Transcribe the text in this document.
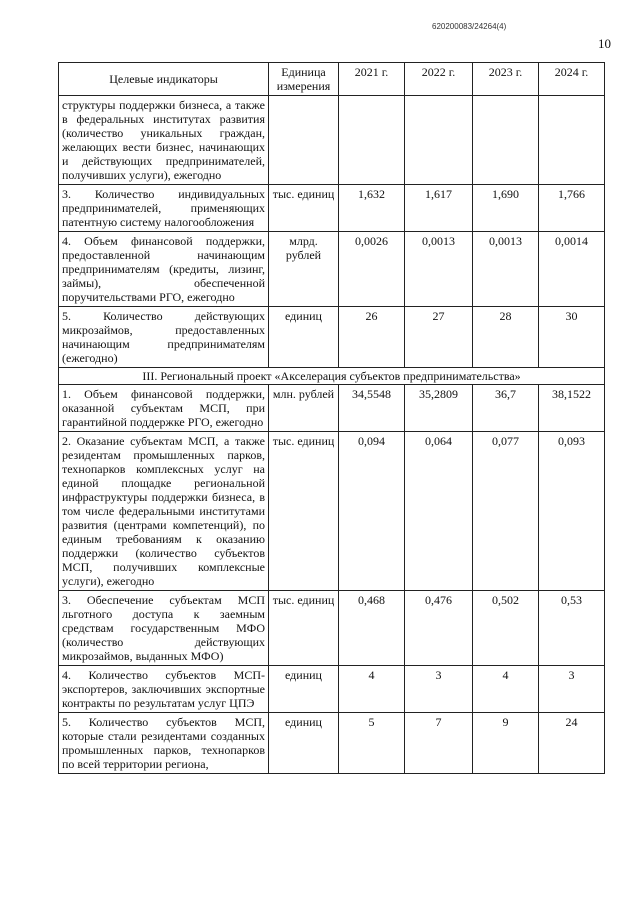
620200083/24264(4)
10
Целевые индикаторы	Единица измерения	2021 г.	2022 г.	2023 г.	2024 г.
структуры поддержки бизнеса, а также в федеральных институтах развития (количество уникальных граждан, желающих вести бизнес, начинающих и действующих предпринимателей, получивших услуги), ежегодно					
3. Количество индивидуальных предпринимателей, применяющих патентную систему налогообложения	тыс. единиц	1,632	1,617	1,690	1,766
4. Объем финансовой поддержки, предоставленной начинающим предпринимателям (кредиты, лизинг, займы), обеспеченной поручительствами РГО, ежегодно	млрд. рублей	0,0026	0,0013	0,0013	0,0014
5. Количество действующих микрозаймов, предоставленных начинающим предпринимателям (ежегодно)	единиц	26	27	28	30
III. Региональный проект «Акселерация субъектов предпринимательства»					
1. Объем финансовой поддержки, оказанной субъектам МСП, при гарантийной поддержке РГО, ежегодно	млн. рублей	34,5548	35,2809	36,7	38,1522
2. Оказание субъектам МСП, а также резидентам промышленных парков, технопарков комплексных услуг на единой площадке региональной инфраструктуры поддержки бизнеса, в том числе федеральными институтами развития (центрами компетенций), по единым требованиям к оказанию поддержки (количество субъектов МСП, получивших комплексные услуги), ежегодно	тыс. единиц	0,094	0,064	0,077	0,093
3. Обеспечение субъектам МСП льготного доступа к заемным средствам государственным МФО (количество действующих микрозаймов, выданных МФО)	тыс. единиц	0,468	0,476	0,502	0,53
4. Количество субъектов МСП-экспортеров, заключивших экспортные контракты по результатам услуг ЦПЭ	единиц	4	3	4	3
5. Количество субъектов МСП, которые стали резидентами созданных промышленных парков, технопарков по всей территории региона,	единиц	5	7	9	24
